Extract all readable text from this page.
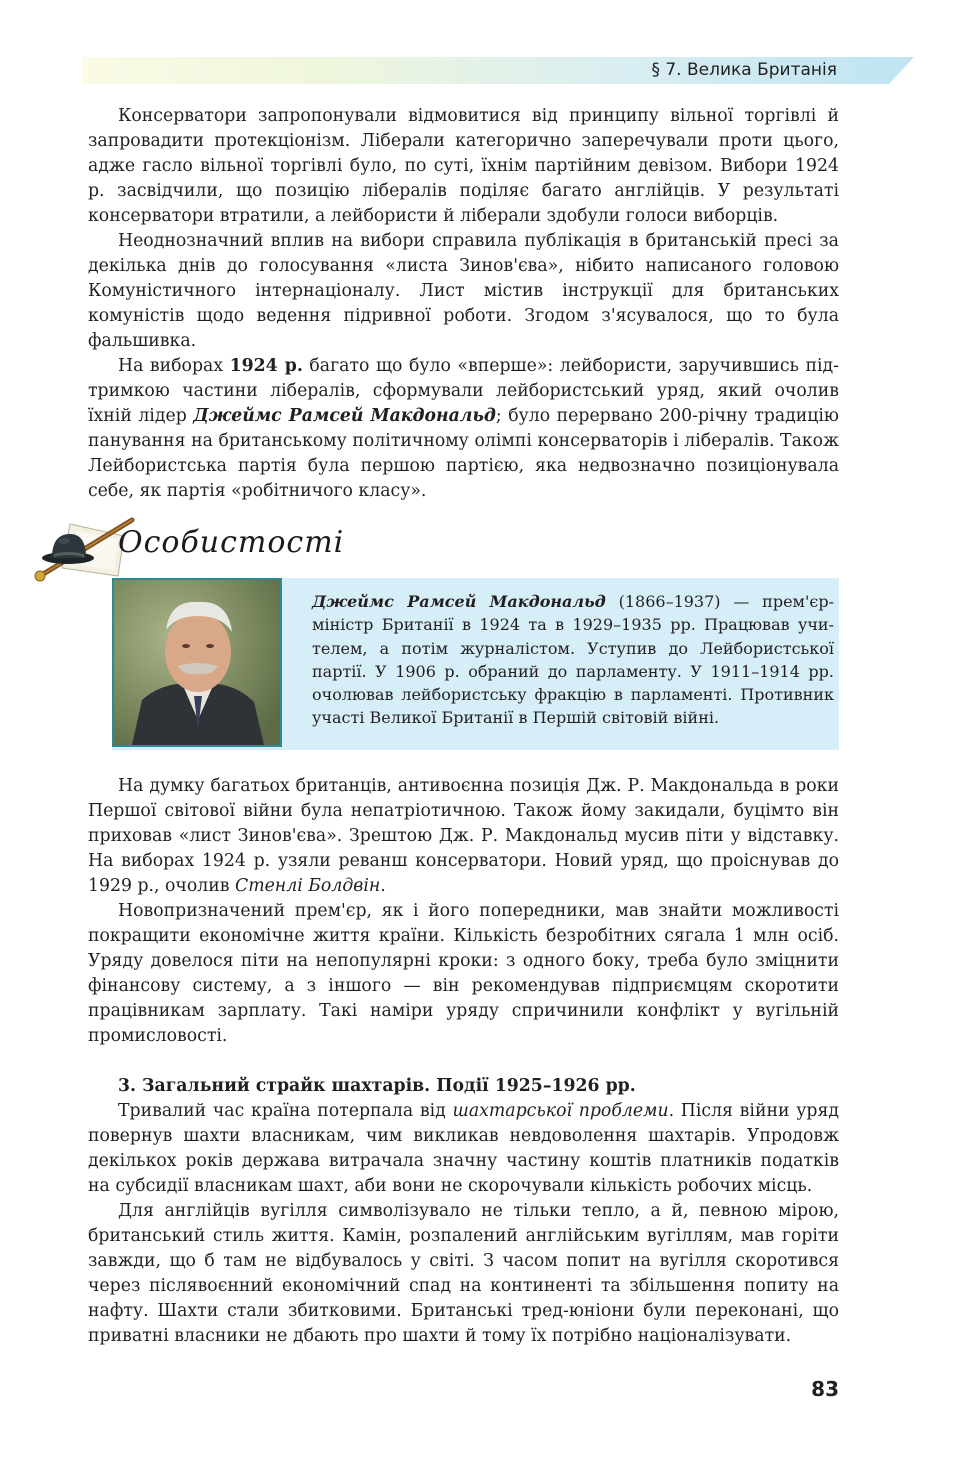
§ 7. Велика Британія

Консерватори запропонували відмовитися від принципу вільної торгівлі й запровадити протекціонізм. Ліберали категорично заперечували проти цього, адже гасло вільної торгівлі було, по суті, їхнім партійним девізом. Вибори 1924 р. засвідчили, що позицію лібералів поділяє багато англійців. У результаті консерватори втратили, а лейбористи й ліберали здобули голоси виборців.

Неоднозначний вплив на вибори справила публікація в британській пресі за декілька днів до голосування «листа Зинов'єва», нібито написаного головою Комуністичного інтернаціоналу. Лист містив інструкції для британських комуністів щодо ведення підривної роботи. Згодом з'ясувалося, що то була фальшивка.

На виборах 1924 р. багато що було «вперше»: лейбористи, заручившись підтримкою частини лібералів, сформували лейбористський уряд, який очолив їхній лідер Джеймс Рамсей Макдональд; було перервано 200-річну традицію панування на британському політичному олімпі консерваторів і лібералів. Також Лейбористська партія була першою партією, яка недвозначно позиціонувала себе, як партія «робітничого класу».

Особистості
Джеймс Рамсей Макдональд (1866–1937) — прем'єр-міністр Британії в 1924 та в 1929–1935 рр. Працював учителем, а потім журналістом. Уступив до Лейбористської партії. У 1906 р. обраний до парламенту. У 1911–1914 рр. очолював лейбористську фракцію в парламенті. Противник участі Великої Британії в Першій світовій війні.

На думку багатьох британців, антивоєнна позиція Дж. Р. Макдональда в роки Першої світової війни була непатріотичною. Також йому закидали, буцімто він приховав «лист Зинов'єва». Зрештою Дж. Р. Макдональд мусив піти у відставку. На виборах 1924 р. узяли реванш консерватори. Новий уряд, що проіснував до 1929 р., очолив Стенлі Болдвін.

Новопризначений прем'єр, як і його попередники, мав знайти можливості покращити економічне життя країни. Кількість безробітних сягала 1 млн осіб. Уряду довелося піти на непопулярні кроки: з одного боку, треба було зміцнити фінансову систему, а з іншого — він рекомендував підприємцям скоротити працівникам зарплату. Такі наміри уряду спричинили конфлікт у вугільній промисловості.

3. Загальний страйк шахтарів. Події 1925–1926 рр.

Тривалий час країна потерпала від шахтарської проблеми. Після війни уряд повернув шахти власникам, чим викликав невдоволення шахтарів. Упродовж декількох років держава витрачала значну частину коштів платників податків на субсидії власникам шахт, аби вони не скорочували кількість робочих місць.

Для англійців вугілля символізувало не тільки тепло, а й, певною мірою, британський стиль життя. Камін, розпалений англійським вугіллям, мав горіти завжди, що б там не відбувалось у світі. З часом попит на вугілля скоротився через післявоєнний економічний спад на континенті та збільшення попиту на нафту. Шахти стали збитковими. Британські тред-юніони були переконані, що приватні власники не дбають про шахти й тому їх потрібно націоналізувати.

83
